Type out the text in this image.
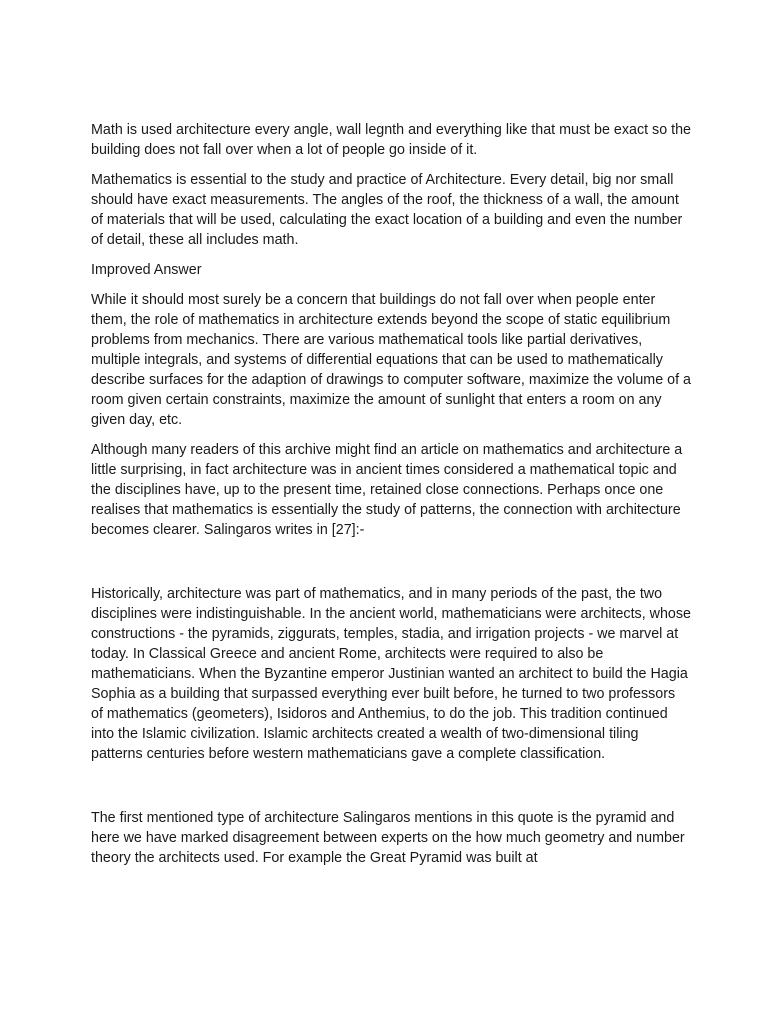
Math is used architecture every angle, wall legnth and everything like that must be exact so the building does not fall over when a lot of people go inside of it.

Mathematics is essential to the study and practice of Architecture. Every detail, big nor small should have exact measurements. The angles of the roof, the thickness of a wall, the amount of materials that will be used, calculating the exact location of a building and even the number of detail, these all includes math.

Improved Answer

While it should most surely be a concern that buildings do not fall over when people enter them, the role of mathematics in architecture extends beyond the scope of static equilibrium problems from mechanics. There are various mathematical tools like partial derivatives, multiple integrals, and systems of differential equations that can be used to mathematically describe surfaces for the adaption of drawings to computer software, maximize the volume of a room given certain constraints, maximize the amount of sunlight that enters a room on any given day, etc.

Although many readers of this archive might find an article on mathematics and architecture a little surprising, in fact architecture was in ancient times considered a mathematical topic and the disciplines have, up to the present time, retained close connections. Perhaps once one realises that mathematics is essentially the study of patterns, the connection with architecture becomes clearer. Salingaros writes in [27]:-

Historically, architecture was part of mathematics, and in many periods of the past, the two disciplines were indistinguishable. In the ancient world, mathematicians were architects, whose constructions - the pyramids, ziggurats, temples, stadia, and irrigation projects - we marvel at today. In Classical Greece and ancient Rome, architects were required to also be mathematicians. When the Byzantine emperor Justinian wanted an architect to build the Hagia Sophia as a building that surpassed everything ever built before, he turned to two professors of mathematics (geometers), Isidoros and Anthemius, to do the job. This tradition continued into the Islamic civilization. Islamic architects created a wealth of two-dimensional tiling patterns centuries before western mathematicians gave a complete classification.

The first mentioned type of architecture Salingaros mentions in this quote is the pyramid and here we have marked disagreement between experts on the how much geometry and number theory the architects used. For example the Great Pyramid was built at
